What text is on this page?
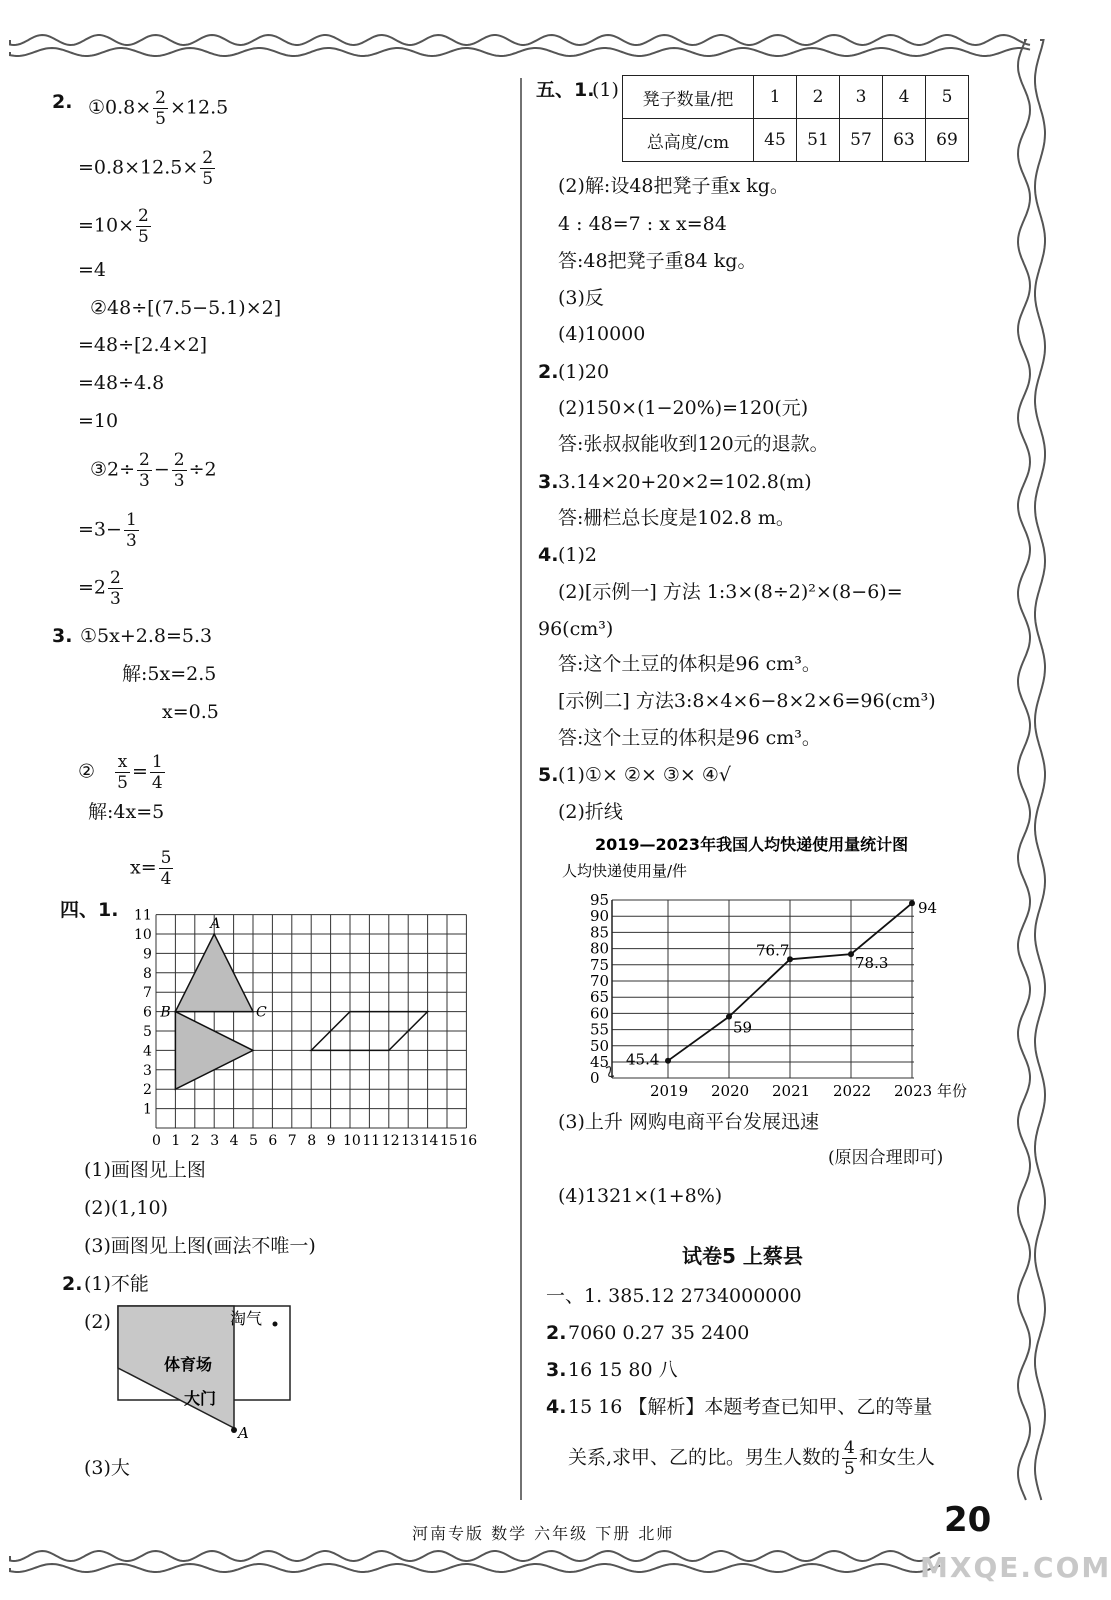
2. ①0.8× $\frac{2}{5} \times 12.5$
$=0.8\times 12.5\times \frac{2}{5}$
$=10\times \frac{2}{5}$
=4
②48÷[(7.5−5.1)×2]
=48÷[2.4×2]
=48÷4.8
=10
③2÷ $\frac{2}{3} - \frac{2}{3} \div 2$
$=3- \frac{1}{3}$
$=2 \frac{2}{3}$
3. ①5x+2.8=5.3
解:5x=2.5
x=0.5
② $\frac{x}{5} = \frac{1}{4}$
解:4x=5
$x= \frac{5}{4}$
四、1.
0 1 2 3 4 5 6 7 8 9 10 11 12 13 14 15 16
11
10
9
8
7
6
5
4
3
2
1
A
B	C
(1)画图见上图
(2)(1,10)
(3)画图见上图(画法不唯一)
2. (1)不能
(2)	淘气
体育场
大门
A
(3)大
五、1.
(1) 凳子数量/把	1	2	3	4	5
总高度/cm	45	51	57	63	69
(2)解:设48把凳子重x kg。
4 : 48=7 : x x=84
答:48把凳子重84 kg。
(3)反
(4)10000
2. (1)20
(2)150×(1−20%)=120(元)
答:张叔叔能收到120元的退款。
3. 3.14×20+20×2=102.8(m)
答:栅栏总长度是102.8 m。
4. (1)2
(2)[示例一] 方法 1:3×(8÷2)²×(8−6)=
96(cm³)
答:这个土豆的体积是96 cm³。
[示例二] 方法3:8×4×6−8×2×6=96(cm³)
答:这个土豆的体积是96 cm³。
5. (1)①× ②× ③× ④√
(2)折线
2019—2023年我国人均快递使用量统计图
人均快递使用量/件
0
45
50
55
60
65
70
75
80
85
90
95
2019 2020 2021 2022 2023 年份
45.4
59
76.7
78.3
94
(3)上升 网购电商平台发展迅速
(原因合理即可)
(4)1321×(1+8%)
试卷5 上蔡县
一、1. 385.12 2734000000
2. 7060 0.27 35 2400
3. 16 15 80 八
4. 15 16 【解析】本题考查已知甲、乙的等量
关系,求甲、乙的比。男生人数的 $\frac{4}{5}$ 和女生人
河南专版 数学 六年级 下册 北师	20
MXQE.COM
